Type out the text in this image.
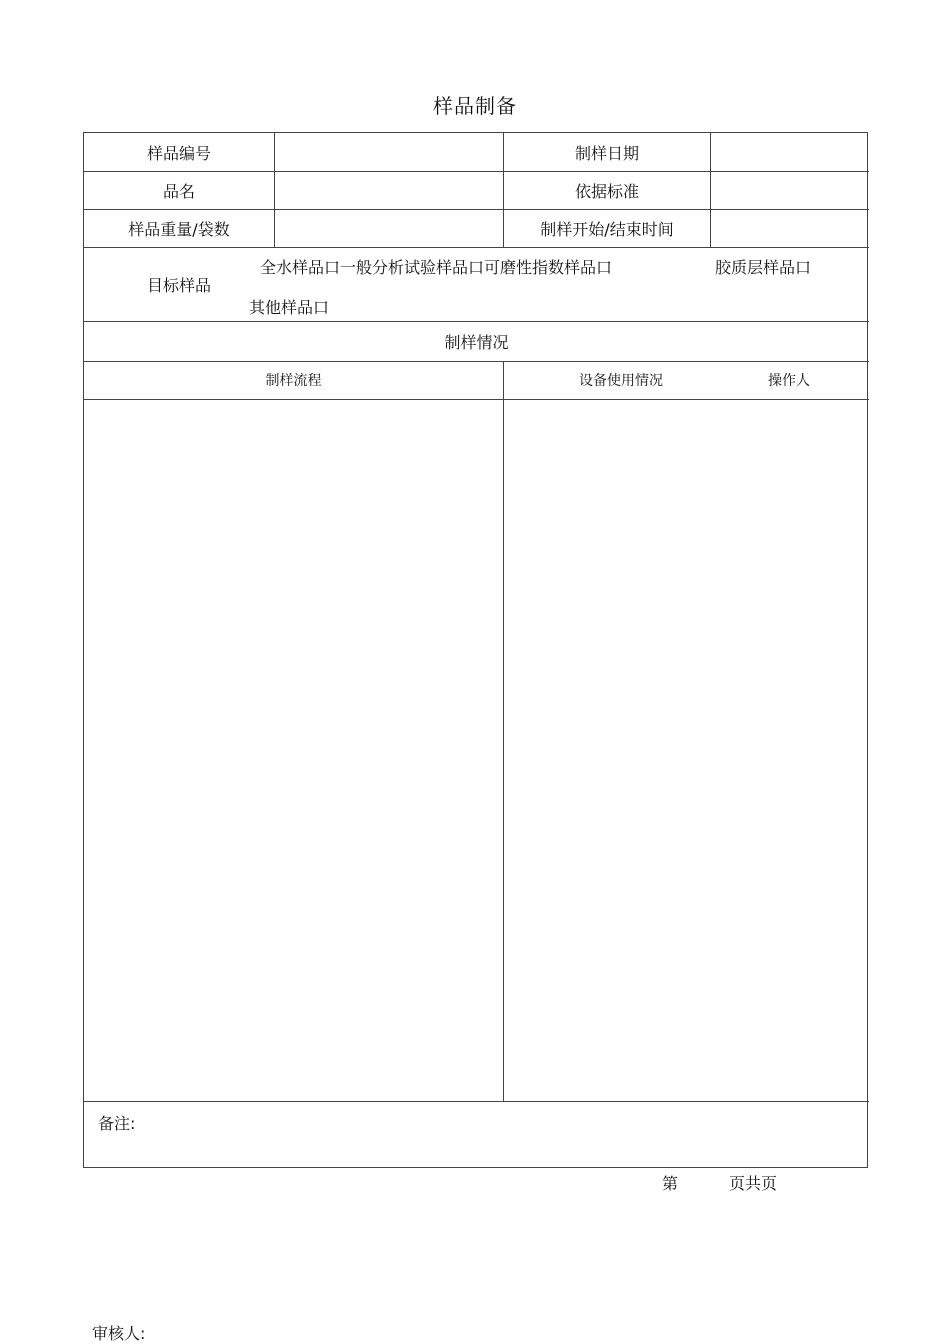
样品制备
样品编号	制样日期
品名	依据标准
样品重量/袋数	制样开始/结束时间
目标样品
全水样品口一般分析试验样品口可磨性指数样品口	胶质层样品口
其他样品口
制样情况
制样流程	设备使用情况	操作人
备注:
第	页共页
审核人:
